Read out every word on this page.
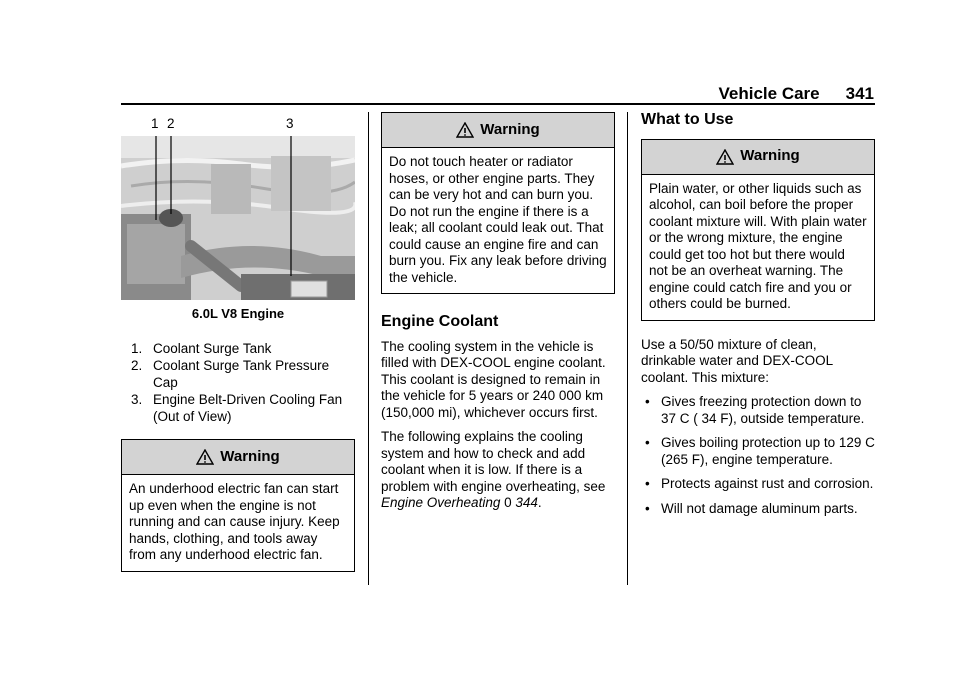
Vehicle Care 341
1 2	3
6.0L V8 Engine
1. Coolant Surge Tank
2. Coolant Surge Tank Pressure Cap
3. Engine Belt-Driven Cooling Fan (Out of View)
Warning
An underhood electric fan can start up even when the engine is not running and can cause injury. Keep hands, clothing, and tools away from any underhood electric fan.
Warning
Do not touch heater or radiator hoses, or other engine parts. They can be very hot and can burn you. Do not run the engine if there is a leak; all coolant could leak out. That could cause an engine fire and can burn you. Fix any leak before driving the vehicle.
Engine Coolant

The cooling system in the vehicle is filled with DEX-COOL engine coolant. This coolant is designed to remain in the vehicle for 5 years or 240 000 km (150,000 mi), whichever occurs first.

The following explains the cooling system and how to check and add coolant when it is low. If there is a problem with engine overheating, see Engine Overheating 0 344.

What to Use
Warning
Plain water, or other liquids such as alcohol, can boil before the proper coolant mixture will. With plain water or the wrong mixture, the engine could get too hot but there would not be an overheat warning. The engine could catch fire and you or others could be burned.

Use a 50/50 mixture of clean, drinkable water and DEX-COOL coolant. This mixture:

• Gives freezing protection down to 37 C ( 34 F), outside temperature.
• Gives boiling protection up to 129 C (265 F), engine temperature.
• Protects against rust and corrosion.
• Will not damage aluminum parts.
